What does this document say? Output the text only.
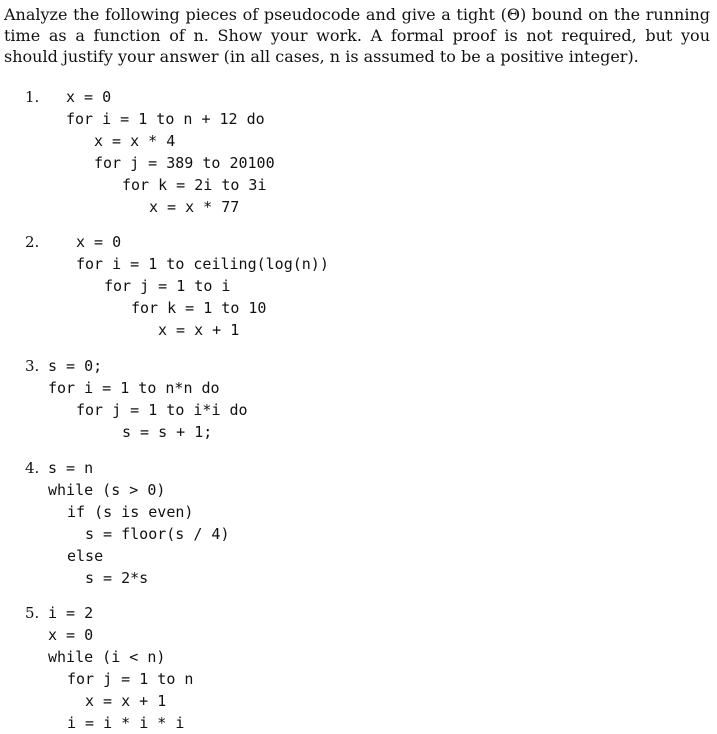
Analyze the following pieces of pseudocode and give a tight (Θ) bound on the running time as a function of n. Show your work. A formal proof is not required, but you should justify your answer (in all cases, n is assumed to be a positive integer).

1. x = 0
for i = 1 to n + 12 do
x = x * 4
for j = 389 to 20100
for k = 2i to 3i
x = x * 77
2. x = 0
for i = 1 to ceiling(log(n))
for j = 1 to i
for k = 1 to 10
x = x + 1
3. s = 0;
for i = 1 to n*n do
for j = 1 to i*i do
s = s + 1;
4. s = n
while (s > 0)
if (s is even)
s = floor(s / 4)
else
s = 2*s
5. i = 2
x = 0
while (i < n)
for j = 1 to n
x = x + 1
i = i * i * i
